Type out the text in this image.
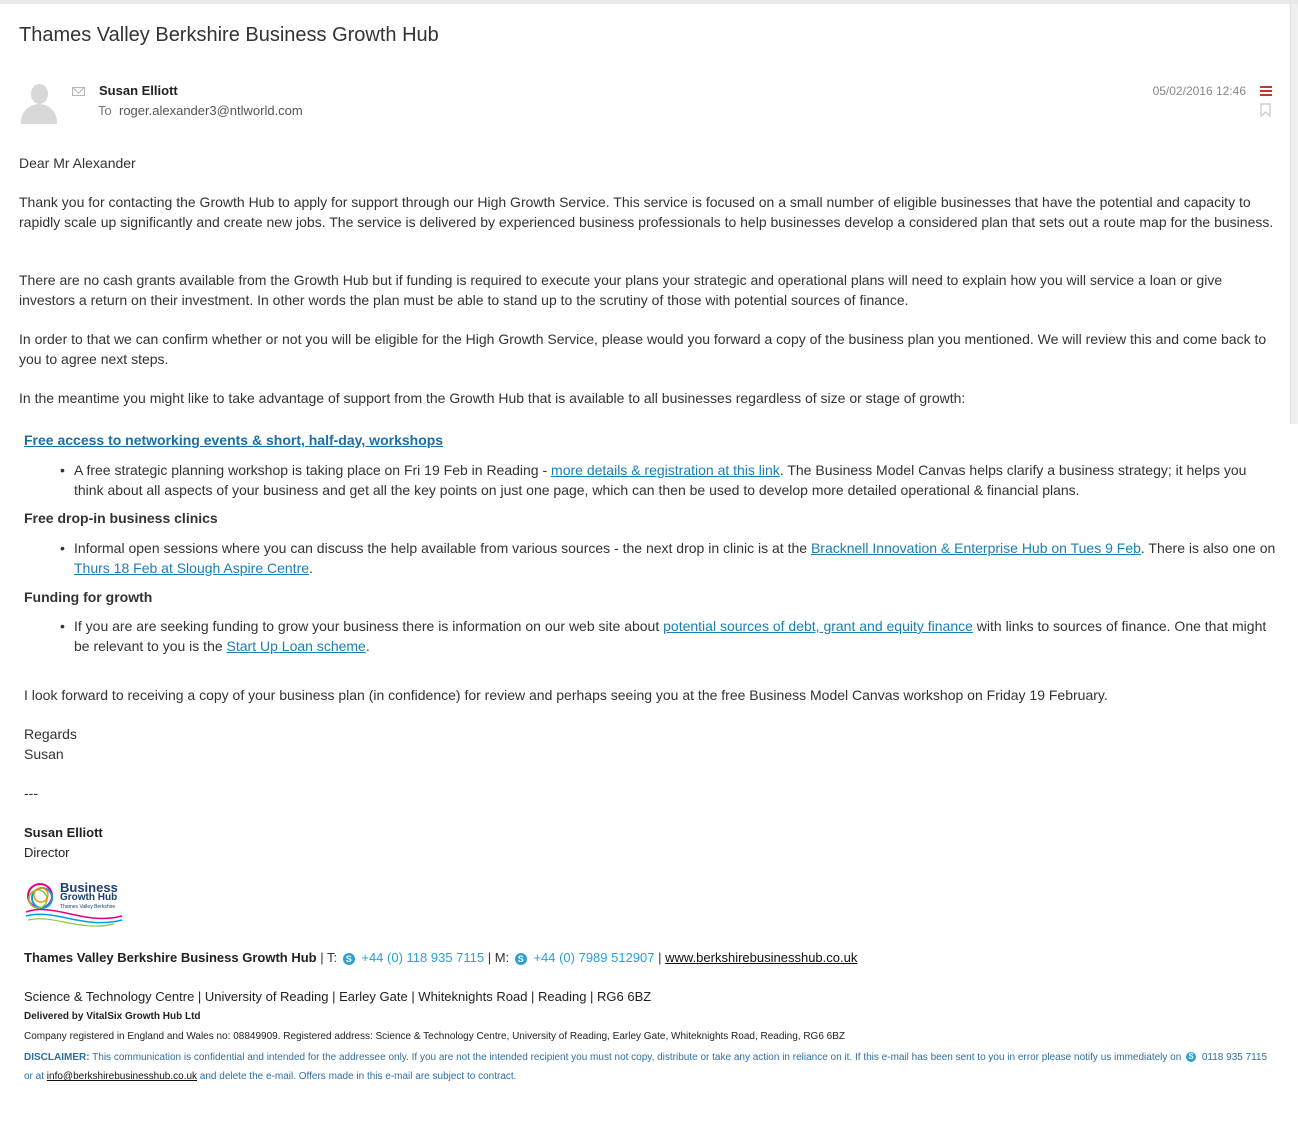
Thames Valley Berkshire Business Growth Hub
Susan Elliott
To roger.alexander3@ntlworld.com
05/02/2016 12:46
Dear Mr Alexander
Thank you for contacting the Growth Hub to apply for support through our High Growth Service. This service is focused on a small number of eligible businesses that have the potential and capacity to rapidly scale up significantly and create new jobs. The service is delivered by experienced business professionals to help businesses develop a considered plan that sets out a route map for the business.
There are no cash grants available from the Growth Hub but if funding is required to execute your plans your strategic and operational plans will need to explain how you will service a loan or give investors a return on their investment. In other words the plan must be able to stand up to the scrutiny of those with potential sources of finance.
In order to that we can confirm whether or not you will be eligible for the High Growth Service, please would you forward a copy of the business plan you mentioned. We will review this and come back to you to agree next steps.
In the meantime you might like to take advantage of support from the Growth Hub that is available to all businesses regardless of size or stage of growth:
Free access to networking events & short, half-day, workshops
• A free strategic planning workshop is taking place on Fri 19 Feb in Reading - more details & registration at this link. The Business Model Canvas helps clarify a business strategy; it helps you think about all aspects of your business and get all the key points on just one page, which can then be used to develop more detailed operational & financial plans.
Free drop-in business clinics
• Informal open sessions where you can discuss the help available from various sources - the next drop in clinic is at the Bracknell Innovation & Enterprise Hub on Tues 9 Feb. There is also one on Thurs 18 Feb at Slough Aspire Centre.
Funding for growth
• If you are are seeking funding to grow your business there is information on our web site about potential sources of debt, grant and equity finance with links to sources of finance. One that might be relevant to you is the Start Up Loan scheme.
I look forward to receiving a copy of your business plan (in confidence) for review and perhaps seeing you at the free Business Model Canvas workshop on Friday 19 February.
Regards
Susan
---
Susan Elliott
Director
Business
Growth Hub
Thames Valley Berkshire
Thames Valley Berkshire Business Growth Hub | T: S +44 (0) 118 935 7115 | M: S +44 (0) 7989 512907 | www.berkshirebusinesshub.co.uk
Science & Technology Centre | University of Reading | Earley Gate | Whiteknights Road | Reading | RG6 6BZ
Delivered by VitalSix Growth Hub Ltd
Company registered in England and Wales no: 08849909. Registered address: Science & Technology Centre, University of Reading, Earley Gate, Whiteknights Road, Reading, RG6 6BZ
DISCLAIMER: This communication is confidential and intended for the addressee only. If you are not the intended recipient you must not copy, distribute or take any action in reliance on it. If this e-mail has been sent to you in error please notify us immediately on S 0118 935 7115 or at info@berkshirebusinesshub.co.uk and delete the e-mail. Offers made in this e-mail are subject to contract.
